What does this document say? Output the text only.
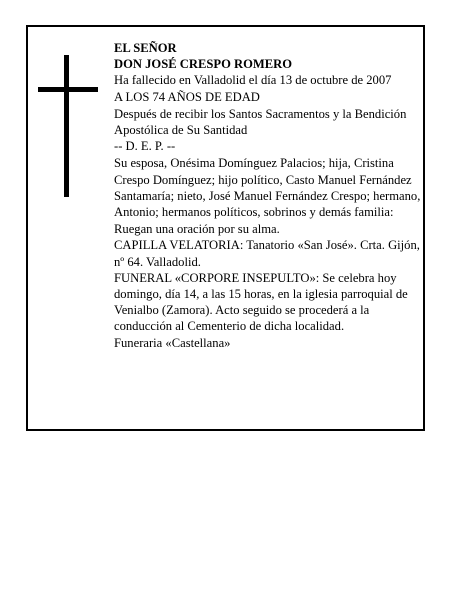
EL SEÑOR

DON JOSÉ CRESPO ROMERO

Ha fallecido en Valladolid el día 13 de octubre de 2007

A LOS 74 AÑOS DE EDAD

Después de recibir los Santos Sacramentos y la Bendición Apostólica de Su Santidad

-- D. E. P. --

Su esposa, Onésima Domínguez Palacios; hija, Cristina Crespo Domínguez; hijo político, Casto Manuel Fernández Santamaría; nieto, José Manuel Fernández Crespo; hermano, Antonio; hermanos políticos, sobrinos y demás familia:

Ruegan una oración por su alma.

CAPILLA VELATORIA: Tanatorio «San José». Crta. Gijón, nº 64. Valladolid.

FUNERAL «CORPORE INSEPULTO»: Se celebra hoy domingo, día 14, a las 15 horas, en la iglesia parroquial de Venialbo (Zamora). Acto seguido se procederá a la conducción al Cementerio de dicha localidad.

Funeraria «Castellana»
